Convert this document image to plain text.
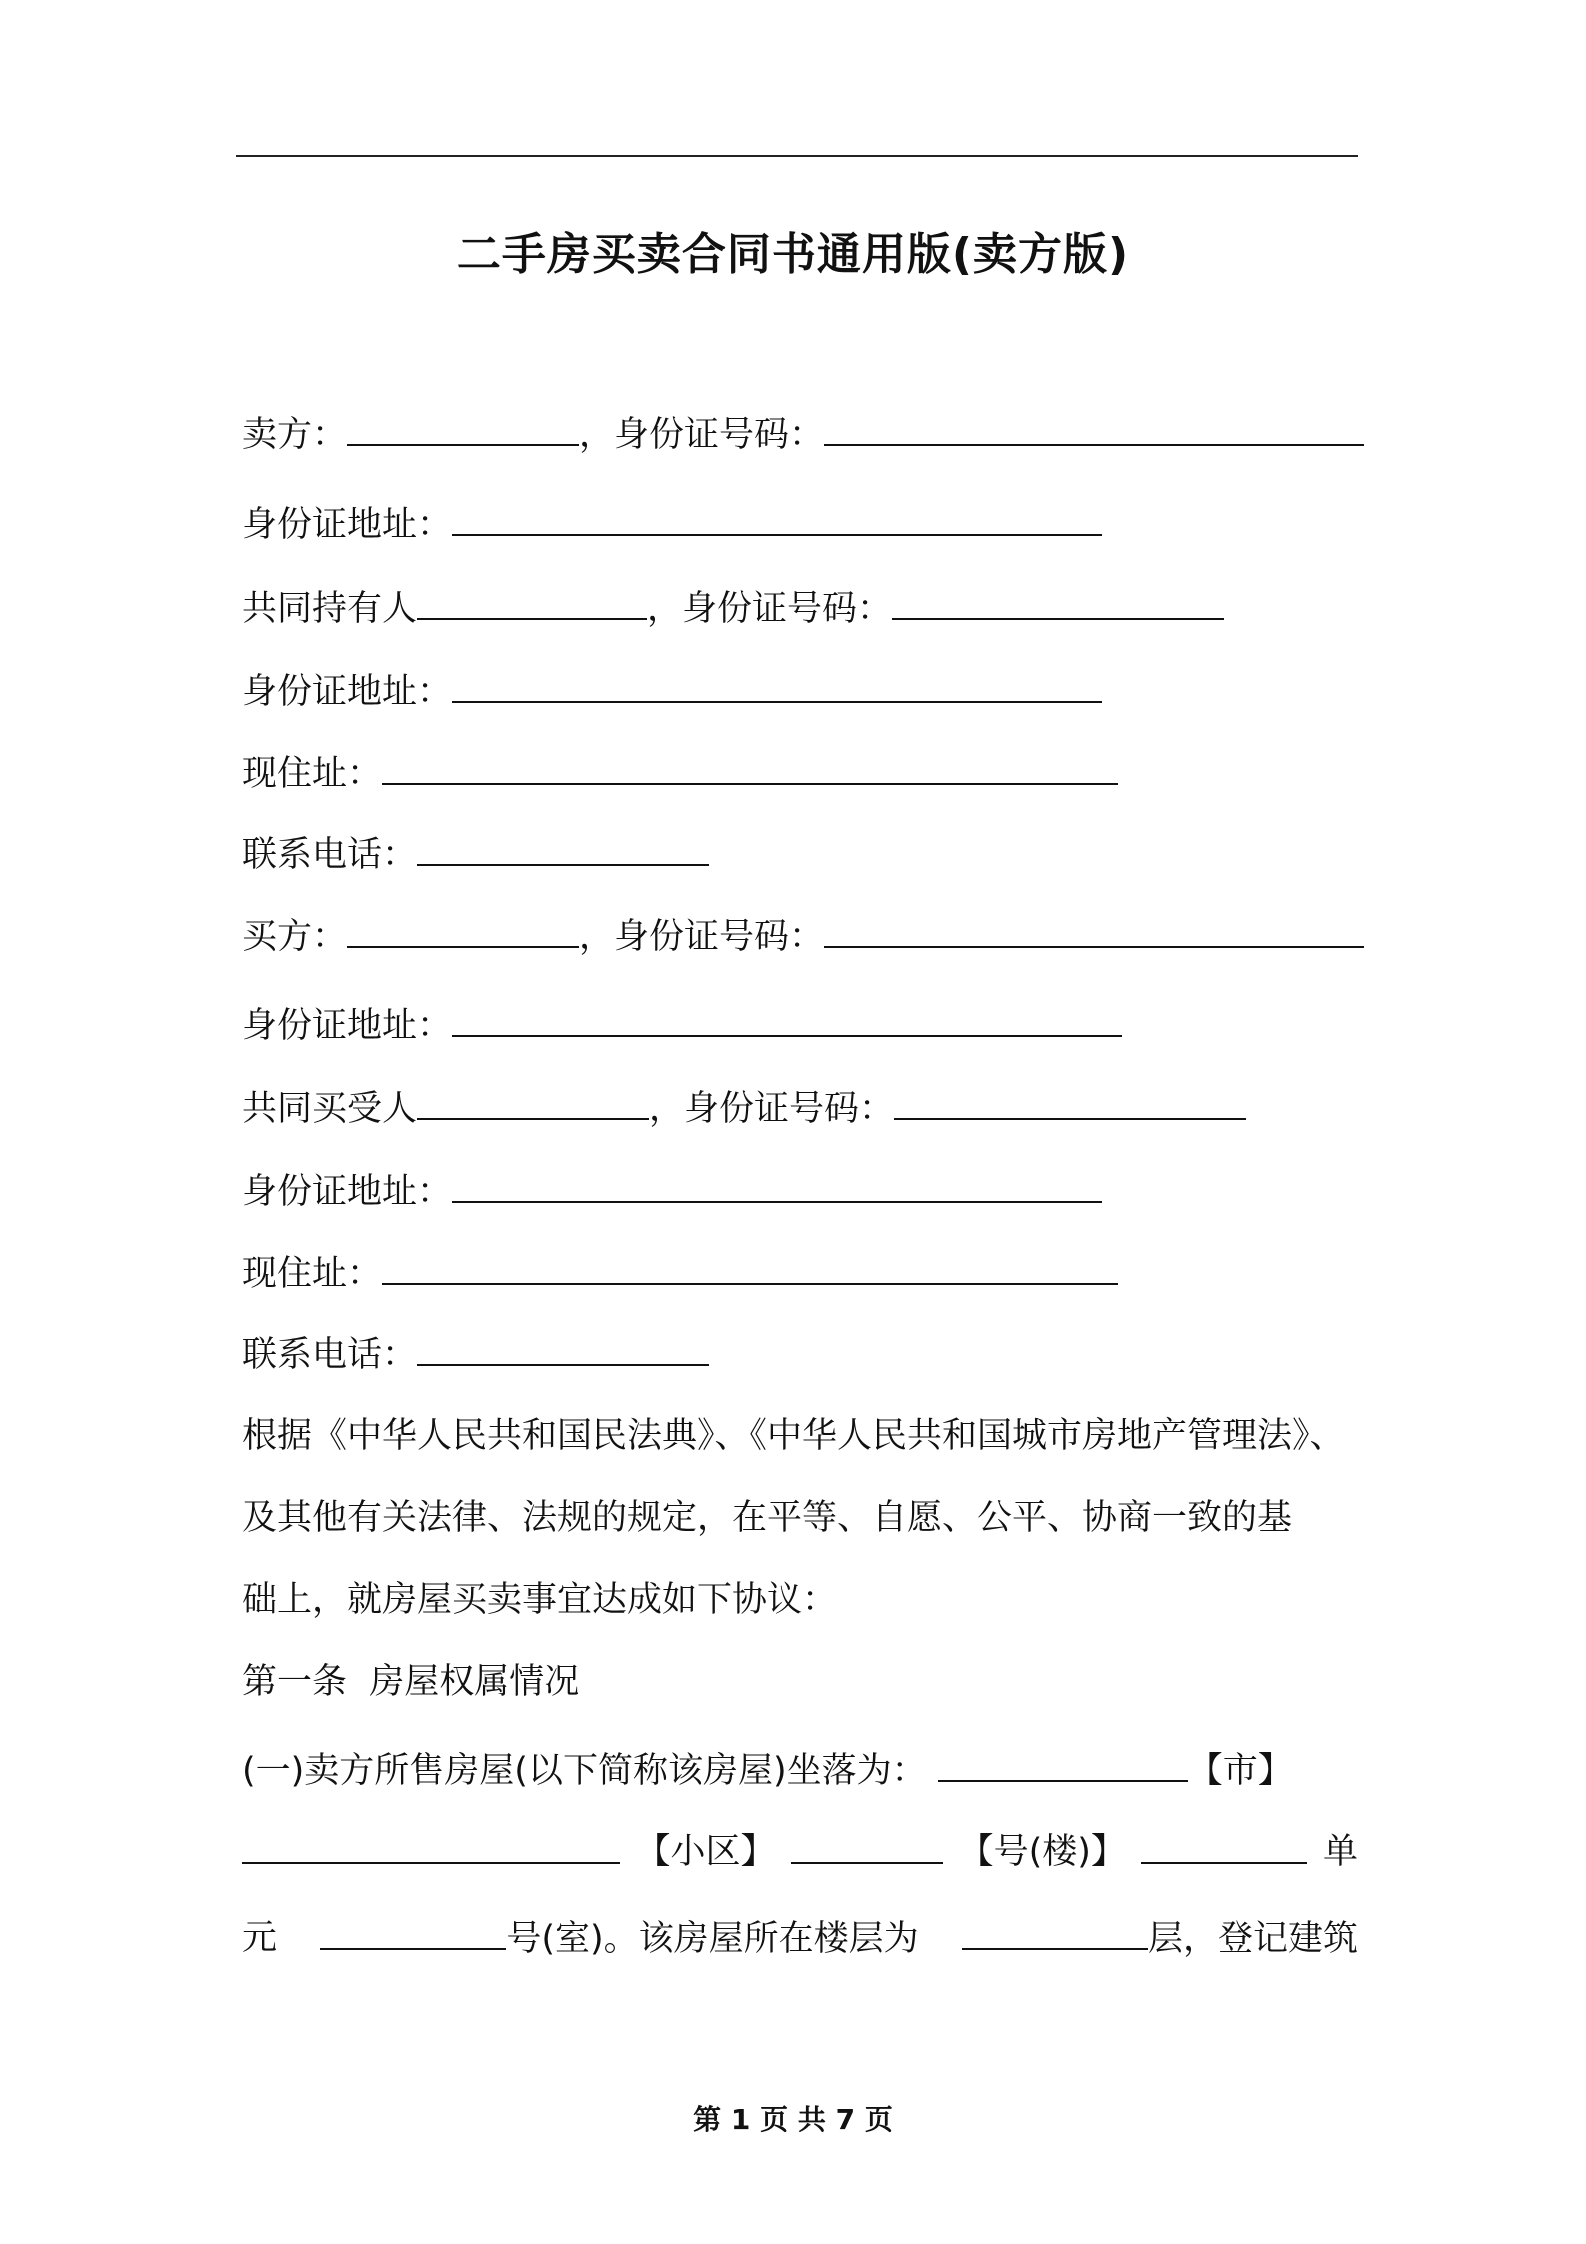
二手房买卖合同书通用版(卖方版)
卖方：	，身份证号码：
身份证地址：
共同持有人	，身份证号码：
身份证地址：
现住址：
联系电话：
买方：	，身份证号码：
身份证地址：
共同买受人	，身份证号码：
身份证地址：
现住址：
联系电话：
根据《中华人民共和国民法典》、《中华人民共和国城市房地产管理法》、
及其他有关法律、法规的规定，在平等、自愿、公平、协商一致的基
础上，就房屋买卖事宜达成如下协议：
第一条  房屋权属情况
(一)卖方所售房屋(以下简称该房屋)坐落为：	【市】
【小区】	【号(楼)】	单
元	号(室)。该房屋所在楼层为	层，登记建筑
第 1 页 共 7 页
